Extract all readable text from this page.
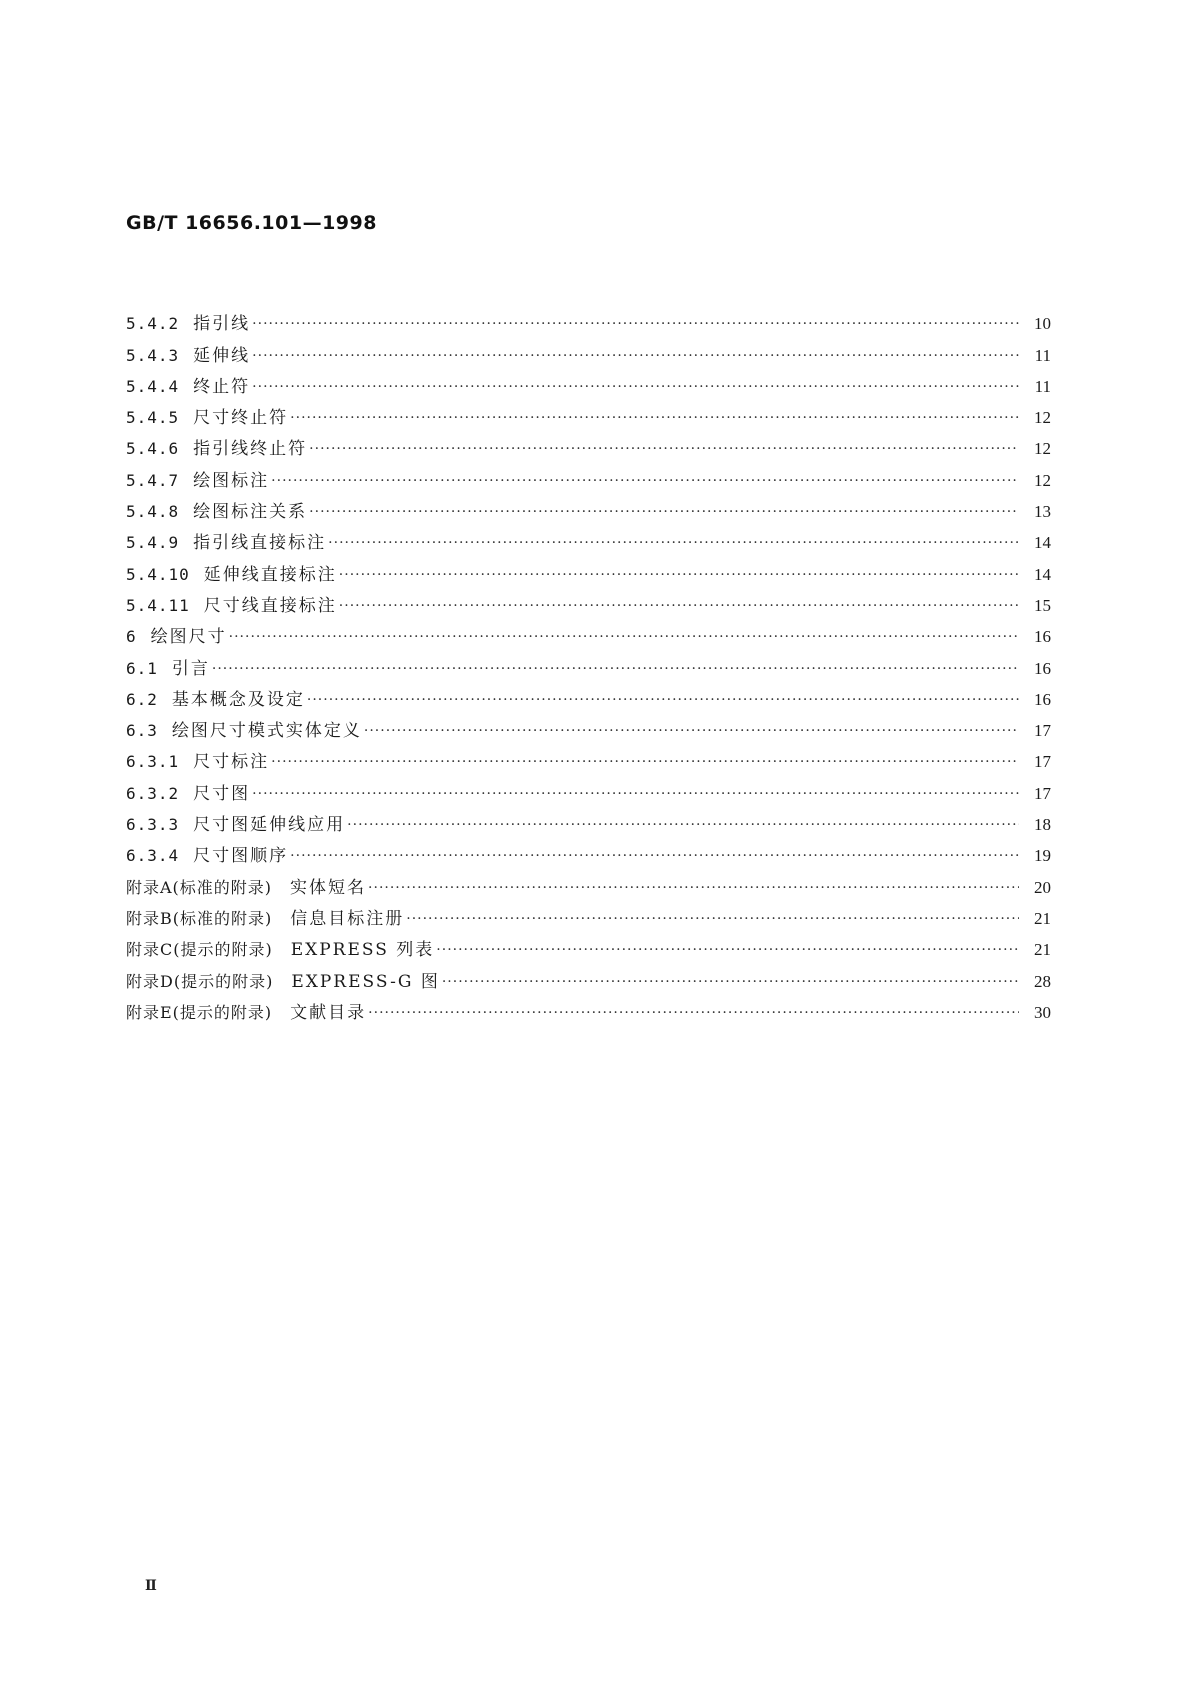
GB/T 16656.101—1998
5.4.2 指引线 ·····	10
5.4.3 延伸线 ·····	11
5.4.4 终止符 ·····	11
5.4.5 尺寸终止符 ·····	12
5.4.6 指引线终止符 ·····	12
5.4.7 绘图标注 ·····	12
5.4.8 绘图标注关系 ·····	13
5.4.9 指引线直接标注 ·····	14
5.4.10 延伸线直接标注 ·····	14
5.4.11 尺寸线直接标注 ·····	15
6 绘图尺寸 ·····	16
6.1 引言 ·····	16
6.2 基本概念及设定 ·····	16
6.3 绘图尺寸模式实体定义 ·····	17
6.3.1 尺寸标注 ·····	17
6.3.2 尺寸图 ·····	17
6.3.3 尺寸图延伸线应用 ·····	18
6.3.4 尺寸图顺序 ·····	19
附录A(标准的附录) 实体短名 ·····	20
附录B(标准的附录) 信息目标注册 ·····	21
附录C(提示的附录) EXPRESS 列表 ·····	21
附录D(提示的附录) EXPRESS-G 图 ·····	28
附录E(提示的附录) 文献目录 ·····	30
Ⅱ
